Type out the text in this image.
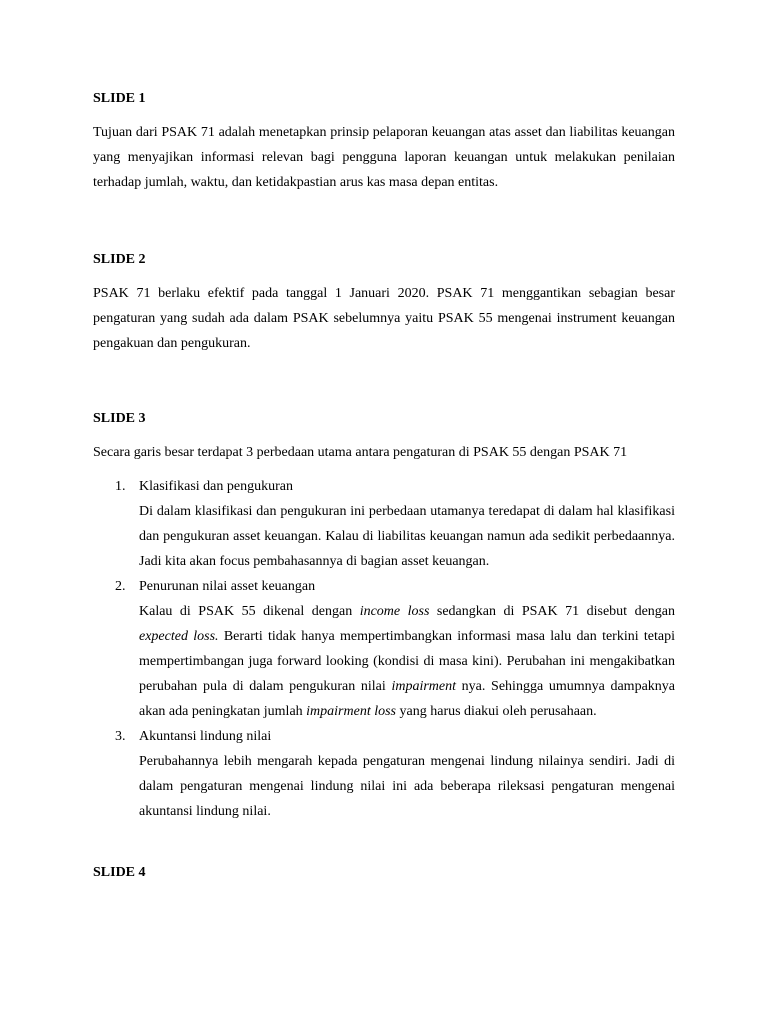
SLIDE 1

Tujuan dari PSAK 71 adalah menetapkan prinsip pelaporan keuangan atas asset dan liabilitas keuangan yang menyajikan informasi relevan bagi pengguna laporan keuangan untuk melakukan penilaian terhadap jumlah, waktu, dan ketidakpastian arus kas masa depan entitas.

SLIDE 2

PSAK 71 berlaku efektif pada tanggal 1 Januari 2020. PSAK 71 menggantikan sebagian besar pengaturan yang sudah ada dalam PSAK sebelumnya yaitu PSAK 55 mengenai instrument keuangan pengakuan dan pengukuran.

SLIDE 3

Secara garis besar terdapat 3 perbedaan utama antara pengaturan di PSAK 55 dengan PSAK 71

1. Klasifikasi dan pengukuran
Di dalam klasifikasi dan pengukuran ini perbedaan utamanya teredapat di dalam hal klasifikasi dan pengukuran asset keuangan. Kalau di liabilitas keuangan namun ada sedikit perbedaannya. Jadi kita akan focus pembahasannya di bagian asset keuangan.
2. Penurunan nilai asset keuangan
Kalau di PSAK 55 dikenal dengan income loss sedangkan di PSAK 71 disebut dengan expected loss. Berarti tidak hanya mempertimbangkan informasi masa lalu dan terkini tetapi mempertimbangan juga forward looking (kondisi di masa kini). Perubahan ini mengakibatkan perubahan pula di dalam pengukuran nilai impairment nya. Sehingga umumnya dampaknya akan ada peningkatan jumlah impairment loss yang harus diakui oleh perusahaan.
3. Akuntansi lindung nilai
Perubahannya lebih mengarah kepada pengaturan mengenai lindung nilainya sendiri. Jadi di dalam pengaturan mengenai lindung nilai ini ada beberapa rileksasi pengaturan mengenai akuntansi lindung nilai.

SLIDE 4
